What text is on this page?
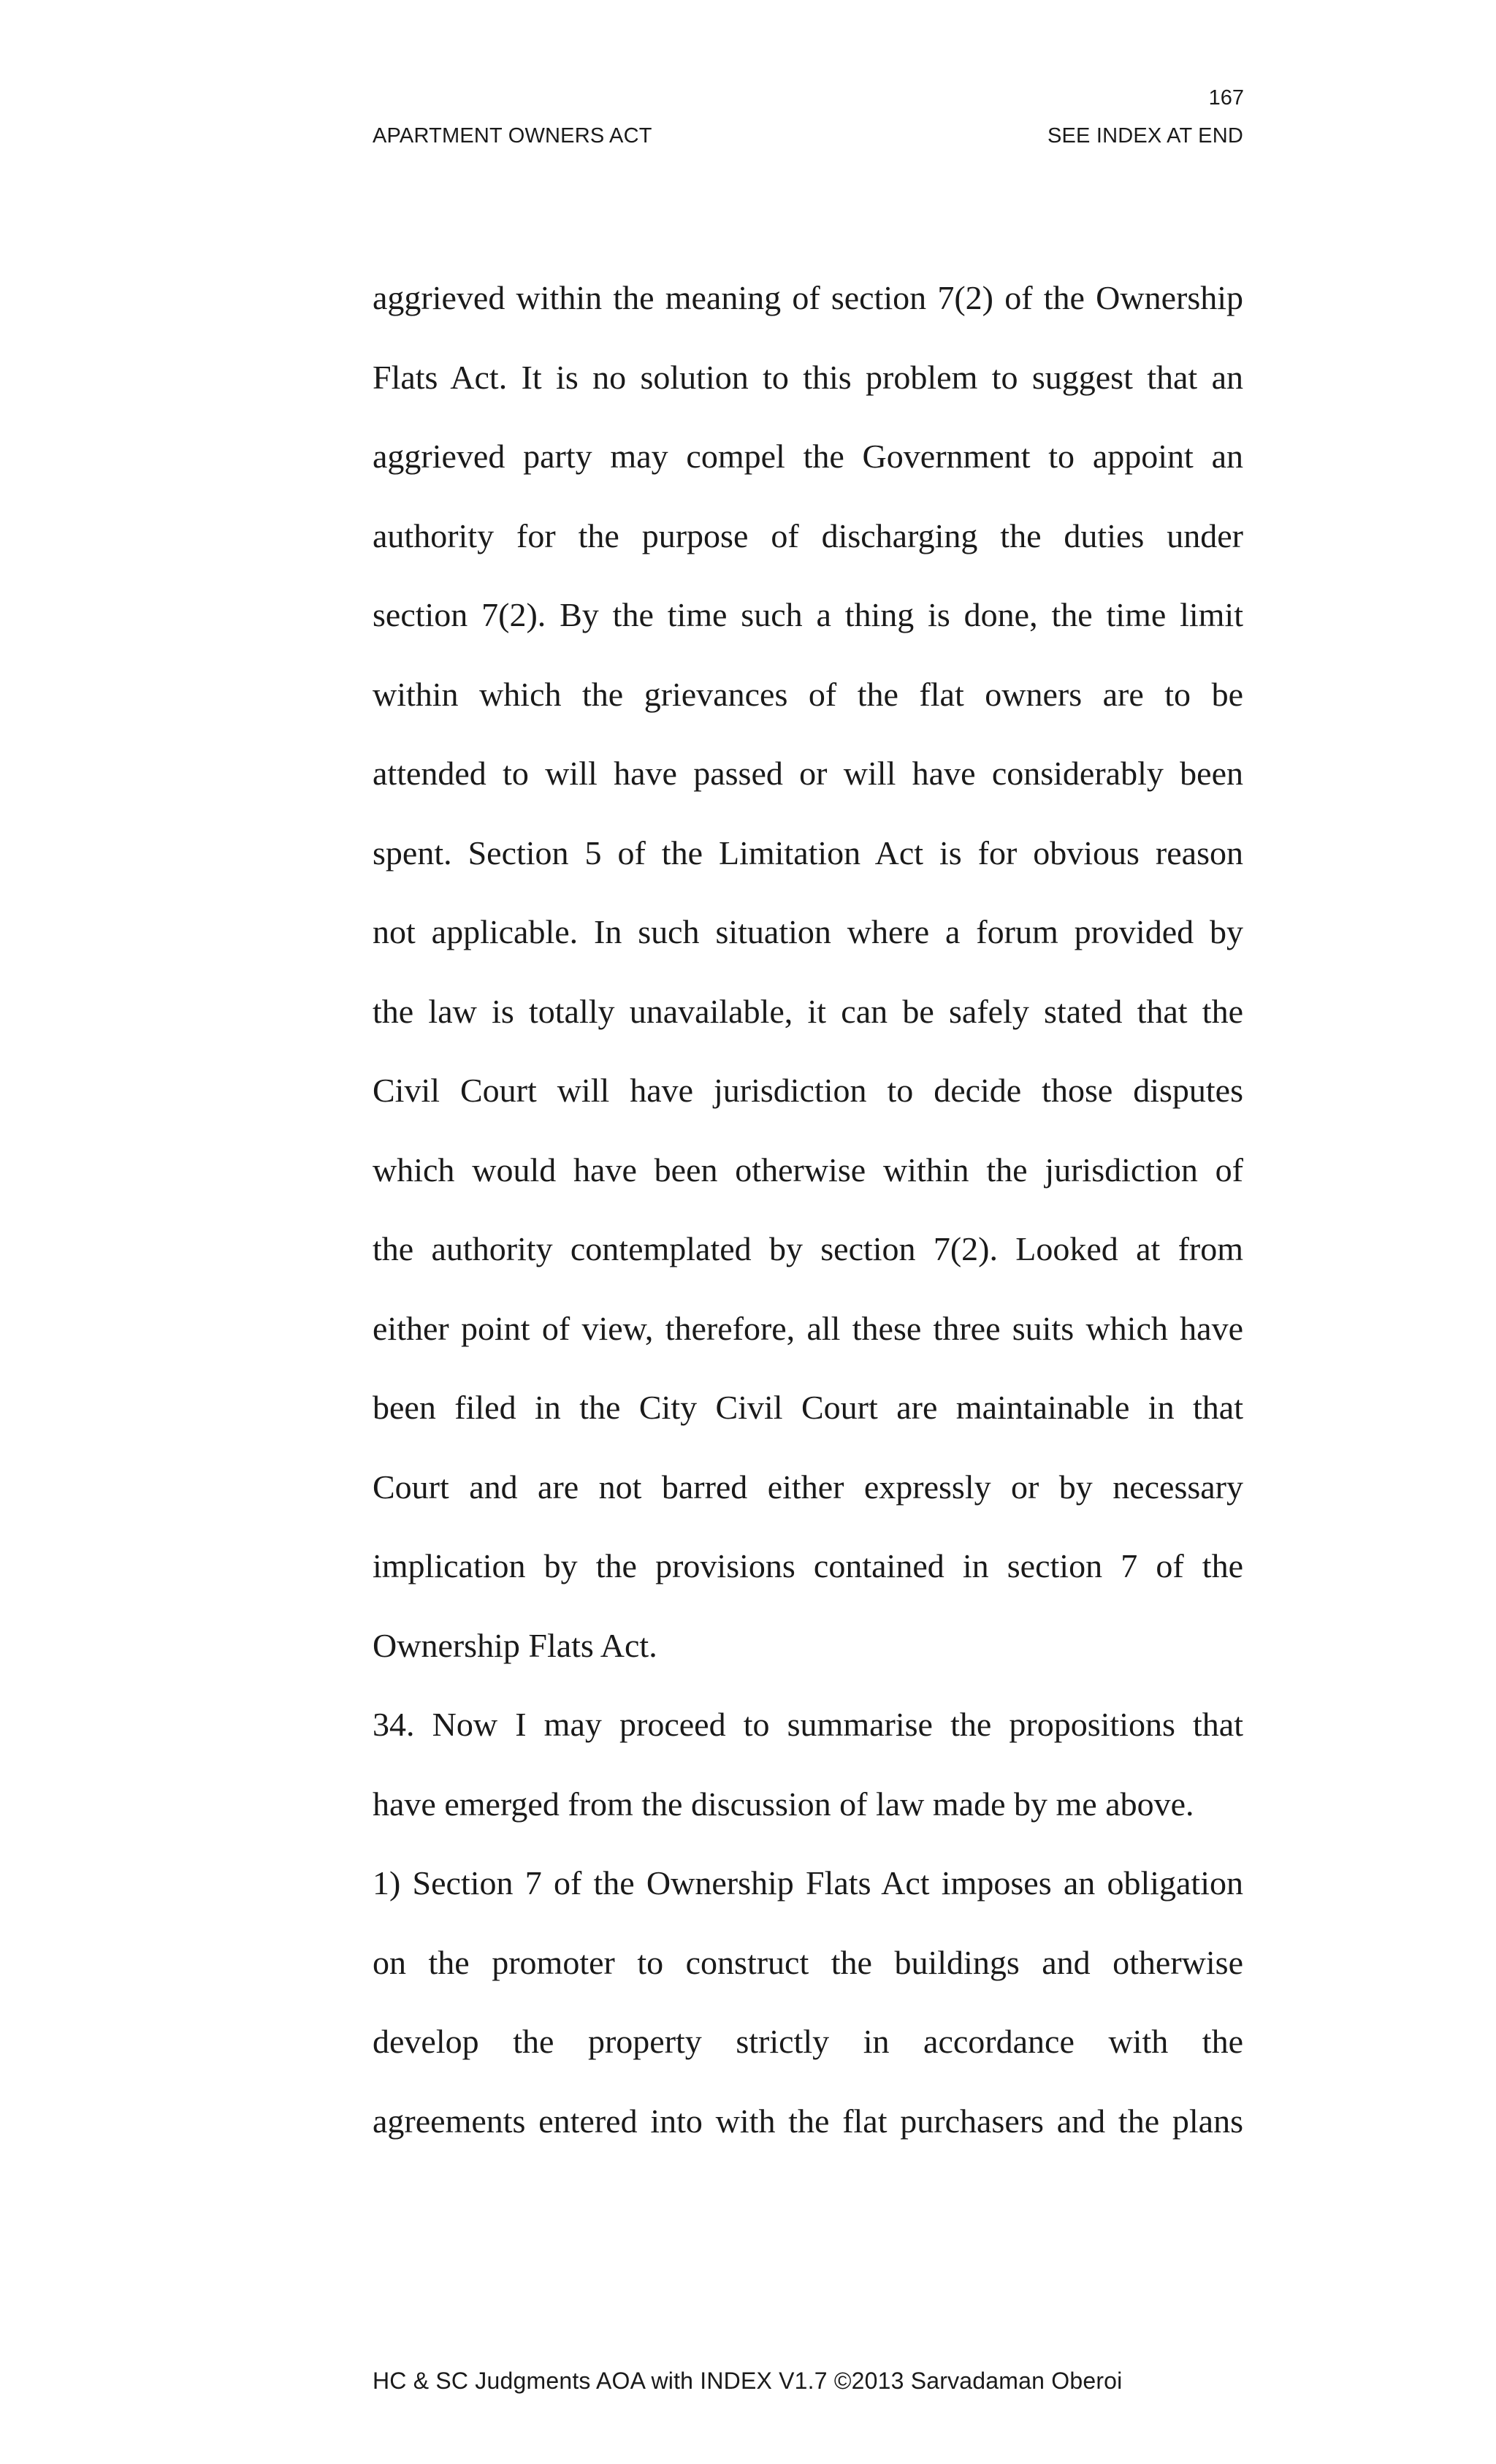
167
APARTMENT OWNERS ACT	SEE INDEX AT END
aggrieved within the meaning of section 7(2) of the Ownership
Flats Act. It is no solution to this problem to suggest that an
aggrieved party may compel the Government to appoint an
authority for the purpose of discharging the duties under
section 7(2). By the time such a thing is done, the time limit
within which the grievances of the flat owners are to be
attended to will have passed or will have considerably been
spent. Section 5 of the Limitation Act is for obvious reason
not applicable. In such situation where a forum provided by
the law is totally unavailable, it can be safely stated that the
Civil Court will have jurisdiction to decide those disputes
which would have been otherwise within the jurisdiction of
the authority contemplated by section 7(2). Looked at from
either point of view, therefore, all these three suits which have
been filed in the City Civil Court are maintainable in that
Court and are not barred either expressly or by necessary
implication by the provisions contained in section 7 of the
Ownership Flats Act.
34. Now I may proceed to summarise the propositions that
have emerged from the discussion of law made by me above.
1) Section 7 of the Ownership Flats Act imposes an obligation
on the promoter to construct the buildings and otherwise
develop the property strictly in accordance with the
agreements entered into with the flat purchasers and the plans
HC & SC Judgments AOA with INDEX V1.7 ©2013 Sarvadaman Oberoi
